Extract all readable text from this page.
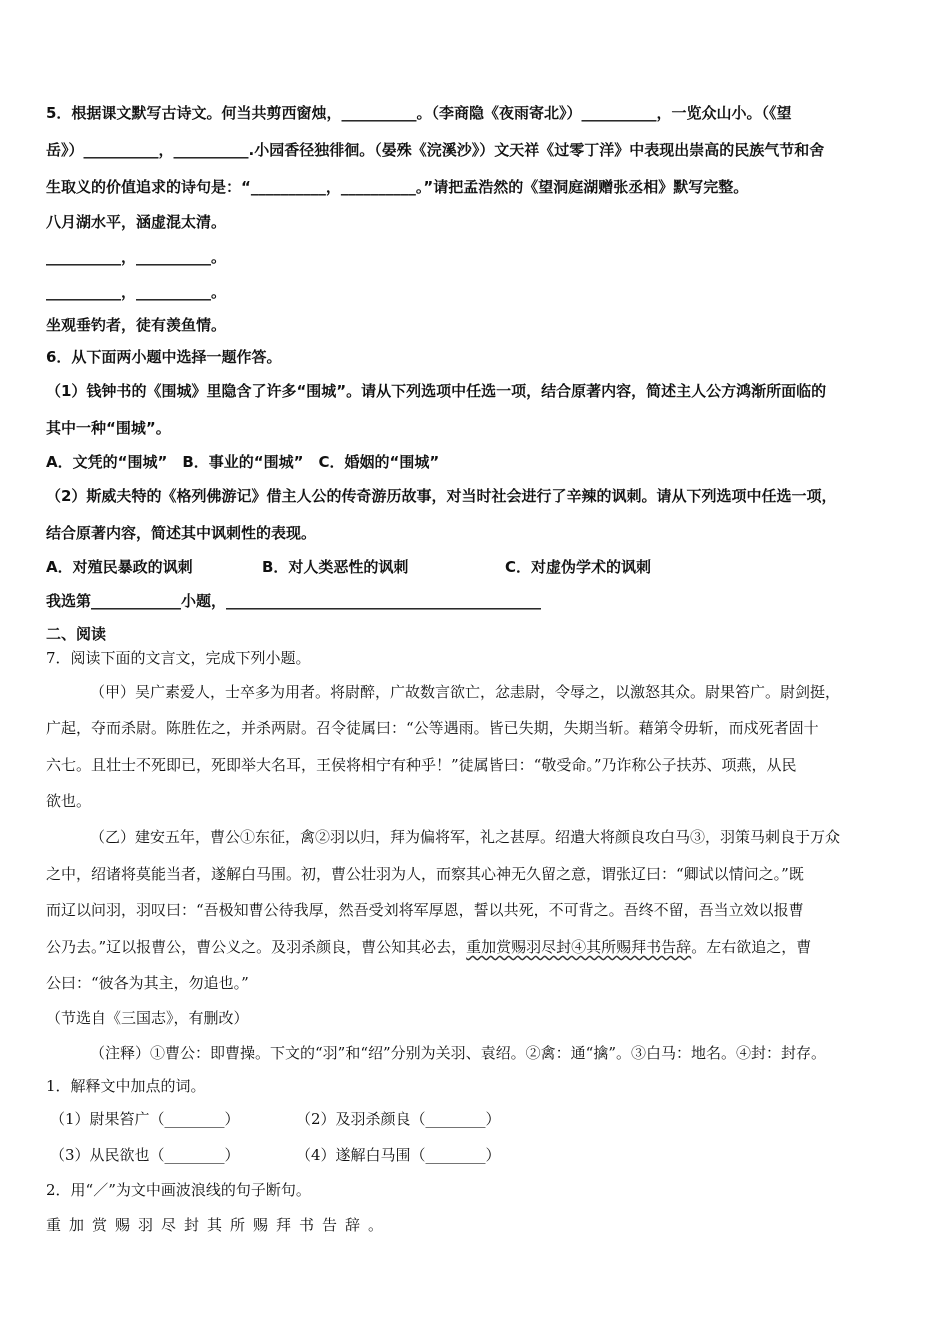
5．根据课文默写古诗文。何当共剪西窗烛，__________。（李商隐《夜雨寄北》）__________，一览众山小。（《望
岳》）__________，__________.小园香径独徘徊。（晏殊《浣溪沙》）文天祥《过零丁洋》中表现出崇高的民族气节和舍
生取义的价值追求的诗句是：“__________，__________。”请把孟浩然的《望洞庭湖赠张丞相》默写完整。
八月湖水平，涵虚混太清。
__________，__________。
__________，__________。
坐观垂钓者，徒有羡鱼情。
6．从下面两小题中选择一题作答。
（1）钱钟书的《围城》里隐含了许多“围城”。请从下列选项中任选一项，结合原著内容，简述主人公方鸿渐所面临的
其中一种“围城”。
A．文凭的“围城”　B．事业的“围城”　C．婚姻的“围城”
（2）斯威夫特的《格列佛游记》借主人公的传奇游历故事，对当时社会进行了辛辣的讽刺。请从下列选项中任选一项，
结合原著内容，简述其中讽刺性的表现。
A．对殖民暴政的讽刺	B．对人类恶性的讽刺	C．对虚伪学术的讽刺
我选第____________小题，__________________________________________
二、阅读
7．阅读下面的文言文，完成下列小题。
（甲）吴广素爱人，士卒多为用者。将尉醉，广故数言欲亡，忿恚尉，令辱之，以激怒其众。尉果笞广。尉剑挺，
广起，夺而杀尉。陈胜佐之，并杀两尉。召令徒属曰：“公等遇雨。皆已失期，失期当斩。藉第令毋斩，而戍死者固十
六七。且壮士不死即已，死即举大名耳，王侯将相宁有种乎！”徒属皆曰：“敬受命。”乃诈称公子扶苏、项燕，从民
欲也。
（乙）建安五年，曹公①东征，禽②羽以归，拜为偏将军，礼之甚厚。绍遣大将颜良攻白马③，羽策马刺良于万众
之中，绍诸将莫能当者，遂解白马围。初，曹公壮羽为人，而察其心神无久留之意，谓张辽曰：“卿试以情问之。”既
而辽以问羽，羽叹曰：“吾极知曹公待我厚，然吾受刘将军厚恩，誓以共死，不可背之。吾终不留，吾当立效以报曹
公乃去。”辽以报曹公，曹公义之。及羽杀颜良，曹公知其必去，重加赏赐羽尽封④其所赐拜书告辞。左右欲追之，曹
公曰：“彼各为其主，勿追也。”
（节选自《三国志》，有删改）
（注释）①曹公：即曹操。下文的“羽”和“绍”分别为关羽、袁绍。②禽：通“擒”。③白马：地名。④封：封存。
1．解释文中加点的词。
（1）尉果笞广（________）	（2）及羽杀颜良（________）
（3）从民欲也（________）	（4）遂解白马围（________）
2．用“／”为文中画波浪线的句子断句。
重加赏赐羽尽封其所赐拜书告辞。
